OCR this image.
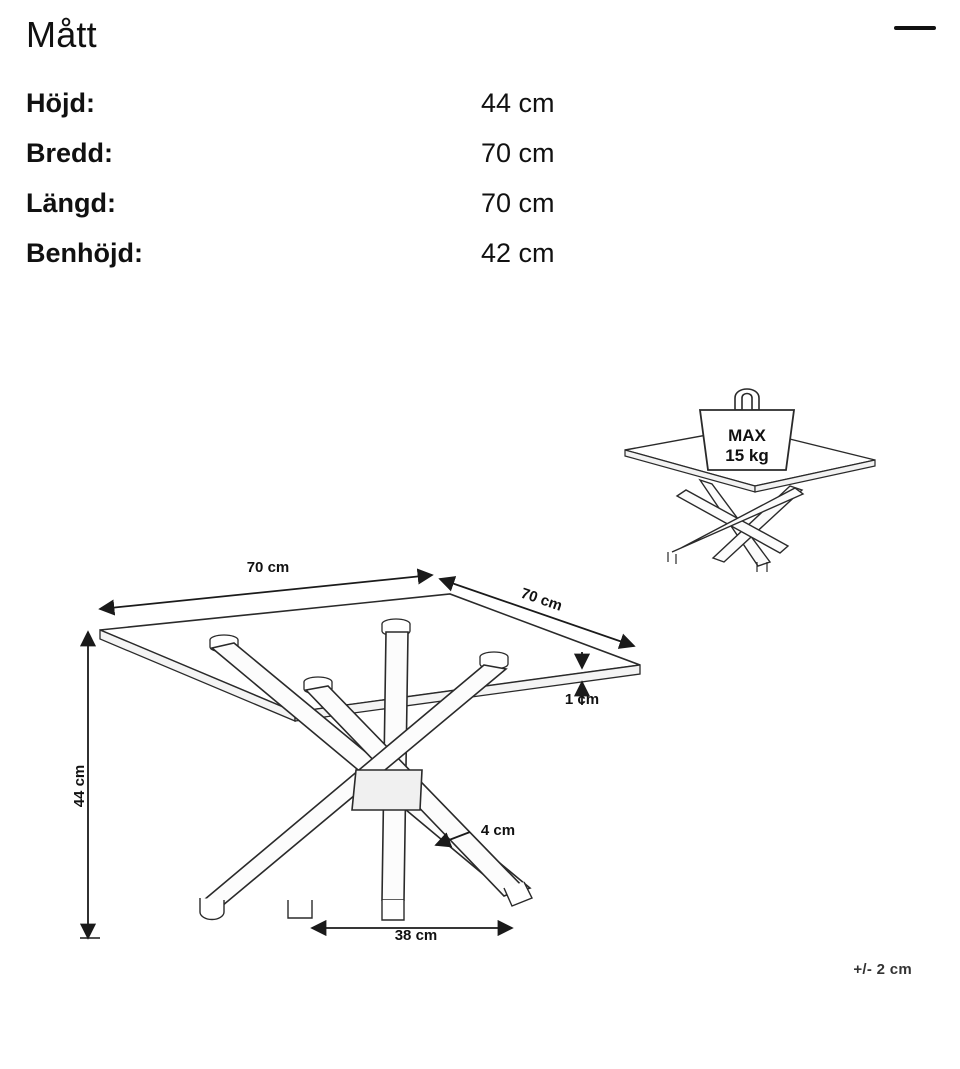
Mått
Höjd:	44 cm
Bredd:	70 cm
Längd:	70 cm
Benhöjd:	42 cm
MAX
15 kg
70 cm
70 cm
44 cm
1 cm
4 cm
38 cm
+/- 2 cm
